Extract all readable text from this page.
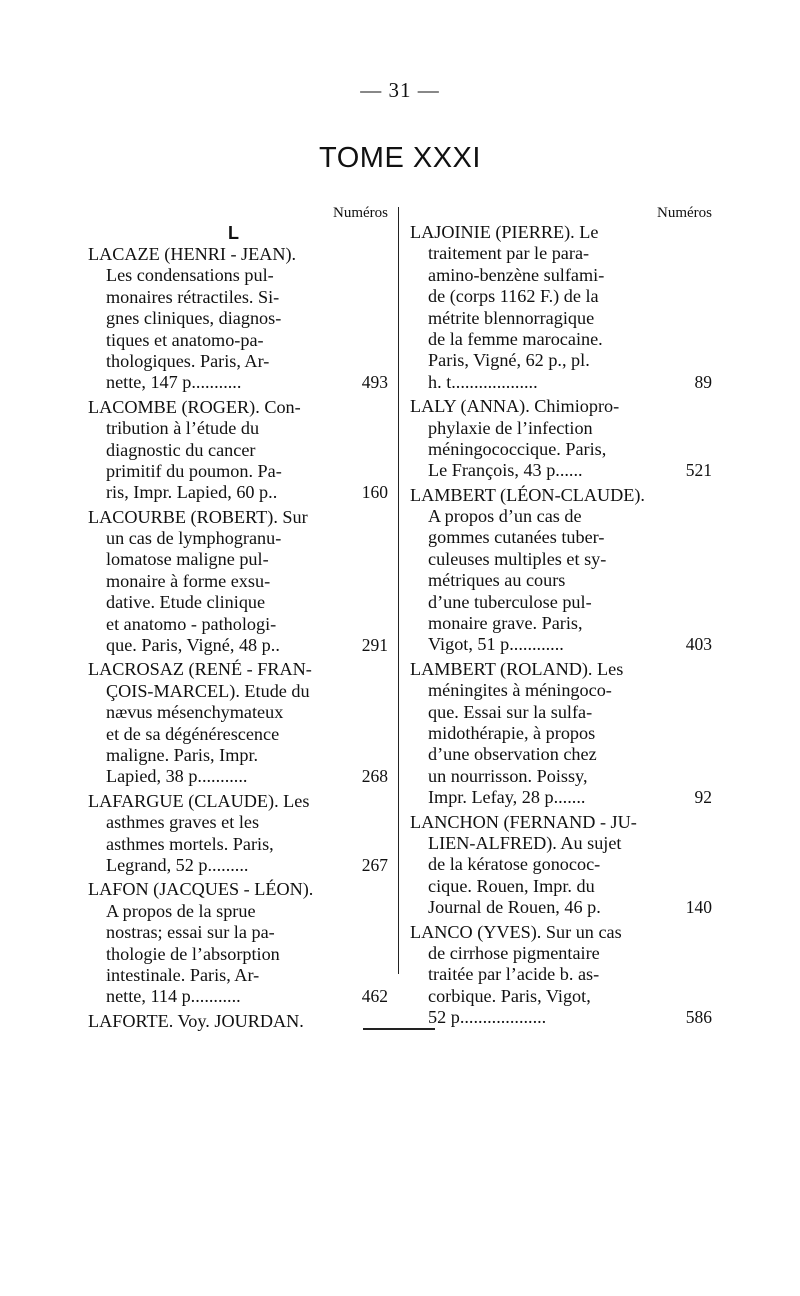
— 31 —
TOME XXXI
Numéros
L
LACAZE (HENRI - JEAN).
Les condensations pul-
monaires rétractiles. Si-
gnes cliniques, diagnos-
tiques et anatomo-pa-
thologiques. Paris, Ar-
nette, 147 p...........	493
LACOMBE (ROGER). Con-
tribution à l’étude du
diagnostic du cancer
primitif du poumon. Pa-
ris, Impr. Lapied, 60 p..	160
LACOURBE (ROBERT). Sur
un cas de lymphogranu-
lomatose maligne pul-
monaire à forme exsu-
dative. Etude clinique
et anatomo - pathologi-
que. Paris, Vigné, 48 p..	291
LACROSAZ (RENÉ - FRAN-
ÇOIS-MARCEL). Etude du
nævus mésenchymateux
et de sa dégénérescence
maligne. Paris, Impr.
Lapied, 38 p...........	268
LAFARGUE (CLAUDE). Les
asthmes graves et les
asthmes mortels. Paris,
Legrand, 52 p.........	267
LAFON (JACQUES - LÉON).
A propos de la sprue
nostras; essai sur la pa-
thologie de l’absorption
intestinale. Paris, Ar-
nette, 114 p...........	462
LAFORTE. Voy. JOURDAN.
Numéros
LAJOINIE (PIERRE). Le
traitement par le para-
amino-benzène sulfami-
de (corps 1162 F.) de la
métrite blennorragique
de la femme marocaine.
Paris, Vigné, 62 p., pl.
h. t...................	89
LALY (ANNA). Chimiopro-
phylaxie de l’infection
méningococcique. Paris,
Le François, 43 p......	521
LAMBERT (LÉON-CLAUDE).
A propos d’un cas de
gommes cutanées tuber-
culeuses multiples et sy-
métriques au cours
d’une tuberculose pul-
monaire grave. Paris,
Vigot, 51 p............	403
LAMBERT (ROLAND). Les
méningites à méningoco-
que. Essai sur la sulfa-
midothérapie, à propos
d’une observation chez
un nourrisson. Poissy,
Impr. Lefay, 28 p.......	92
LANCHON (FERNAND - JU-
LIEN-ALFRED). Au sujet
de la kératose gonococ-
cique. Rouen, Impr. du
Journal de Rouen, 46 p.	140
LANCO (YVES). Sur un cas
de cirrhose pigmentaire
traitée par l’acide b. as-
corbique. Paris, Vigot,
52 p...................	586
